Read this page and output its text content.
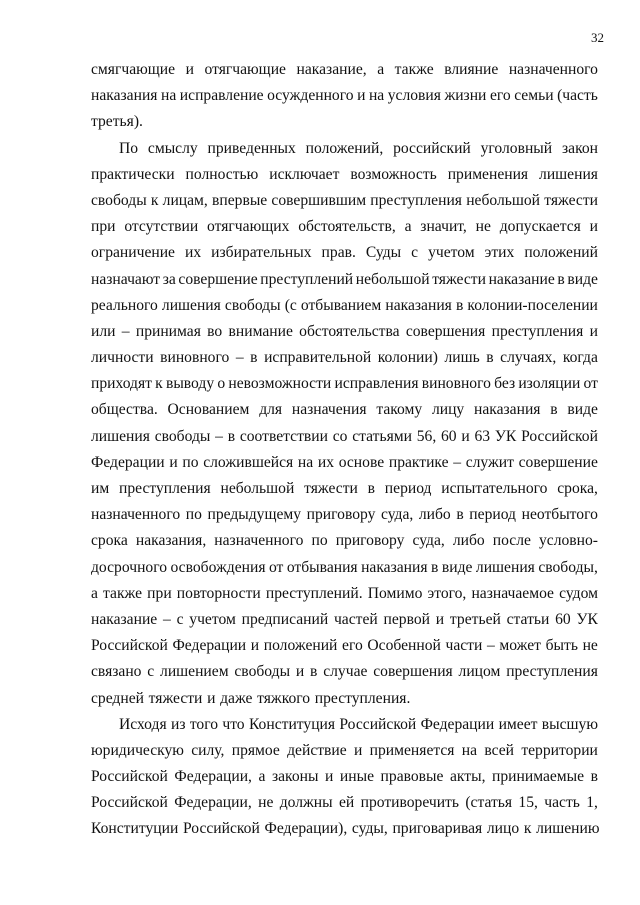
32
смягчающие и отягчающие наказание, а также влияние назначенного
наказания на исправление осужденного и на условия жизни его семьи (часть
третья).
По смыслу приведенных положений, российский уголовный закон
практически полностью исключает возможность применения лишения
свободы к лицам, впервые совершившим преступления небольшой тяжести
при отсутствии отягчающих обстоятельств, а значит, не допускается и
ограничение их избирательных прав. Суды с учетом этих положений
назначают за совершение преступлений небольшой тяжести наказание в виде
реального лишения свободы (с отбыванием наказания в колонии-поселении
или – принимая во внимание обстоятельства совершения преступления и
личности виновного – в исправительной колонии) лишь в случаях, когда
приходят к выводу о невозможности исправления виновного без изоляции от
общества. Основанием для назначения такому лицу наказания в виде
лишения свободы – в соответствии со статьями 56, 60 и 63 УК Российской
Федерации и по сложившейся на их основе практике – служит совершение
им преступления небольшой тяжести в период испытательного срока,
назначенного по предыдущему приговору суда, либо в период неотбытого
срока наказания, назначенного по приговору суда, либо после условно-
досрочного освобождения от отбывания наказания в виде лишения свободы,
а также при повторности преступлений. Помимо этого, назначаемое судом
наказание – с учетом предписаний частей первой и третьей статьи 60 УК
Российской Федерации и положений его Особенной части – может быть не
связано с лишением свободы и в случае совершения лицом преступления
средней тяжести и даже тяжкого преступления.
Исходя из того что Конституция Российской Федерации имеет высшую
юридическую силу, прямое действие и применяется на всей территории
Российской Федерации, а законы и иные правовые акты, принимаемые в
Российской Федерации, не должны ей противоречить (статья 15, часть 1,
Конституции Российской Федерации), суды, приговаривая лицо к лишению
